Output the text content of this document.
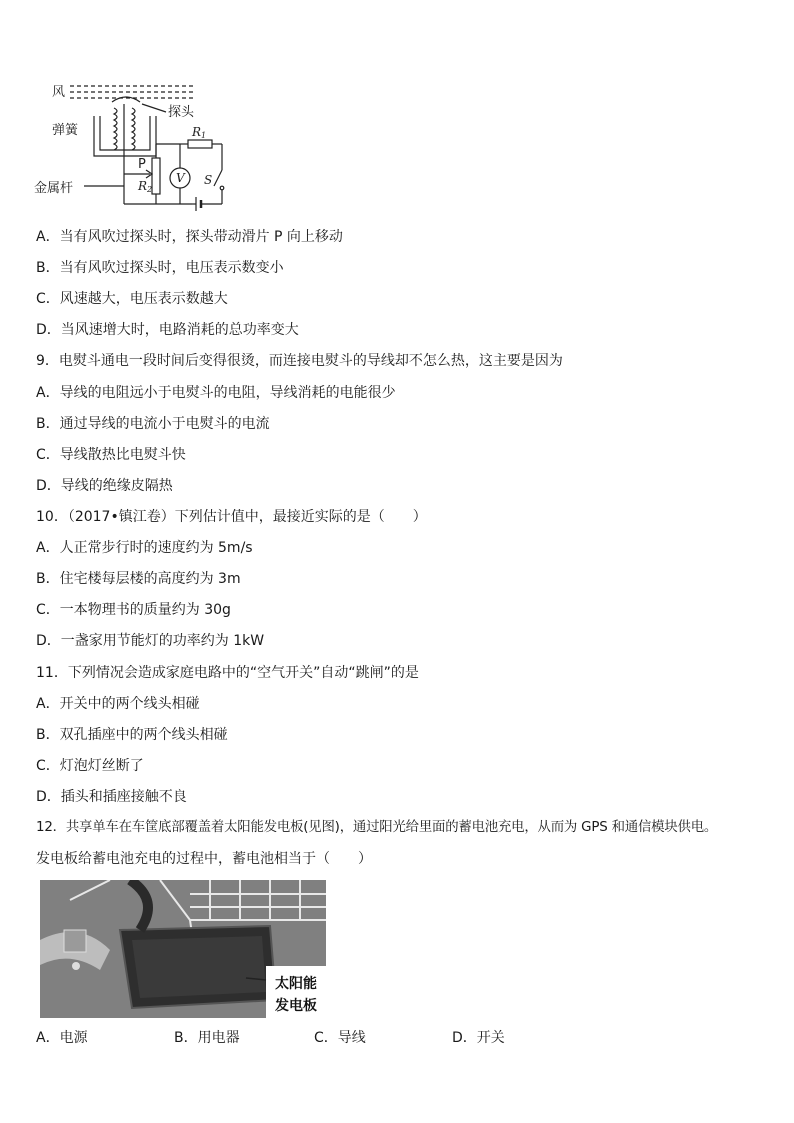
风
探头
弹簧
金属杆
P
R1
R2
V S
A．当有风吹过探头时，探头带动滑片 P 向上移动
B．当有风吹过探头时，电压表示数变小
C．风速越大，电压表示数越大
D．当风速增大时，电路消耗的总功率变大
9．电熨斗通电一段时间后变得很烫，而连接电熨斗的导线却不怎么热，这主要是因为
A．导线的电阻远小于电熨斗的电阻，导线消耗的电能很少
B．通过导线的电流小于电熨斗的电流
C．导线散热比电熨斗快
D．导线的绝缘皮隔热
10．（2017•镇江卷）下列估计值中，最接近实际的是（　　）
A．人正常步行时的速度约为 5m/s
B．住宅楼每层楼的高度约为 3m
C．一本物理书的质量约为 30g
D．一盏家用节能灯的功率约为 1kW
11．下列情况会造成家庭电路中的“空气开关”自动“跳闸”的是
A．开关中的两个线头相碰
B．双孔插座中的两个线头相碰
C．灯泡灯丝断了
D．插头和插座接触不良
12．共享单车在车筐底部覆盖着太阳能发电板(见图)，通过阳光给里面的蓄电池充电，从而为 GPS 和通信模块供电。
发电板给蓄电池充电的过程中，蓄电池相当于（　　）
太阳能
发电板
A．电源	B．用电器	C．导线	D．开关
